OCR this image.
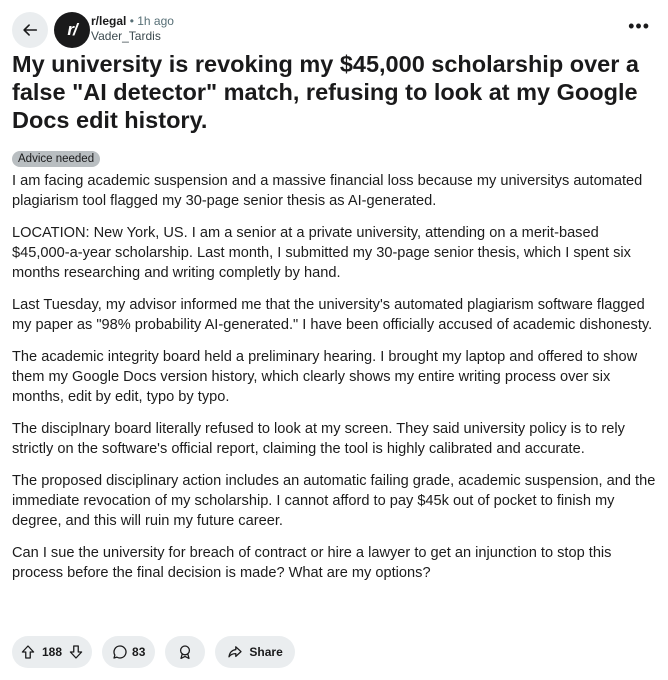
r/ r/legal • 1h ago
Vader_Tardis	•••
My university is revoking my $45,000 scholarship over a false "AI detector" match, refusing to look at my Google Docs edit history.
Advice needed

I am facing academic suspension and a massive financial loss because my universitys automated plagiarism tool flagged my 30-page senior thesis as AI-generated.

LOCATION: New York, US. I am a senior at a private university, attending on a merit-based $45,000-a-year scholarship. Last month, I submitted my 30-page senior thesis, which I spent six months researching and writing completly by hand.

Last Tuesday, my advisor informed me that the university's automated plagiarism software flagged my paper as "98% probability AI-generated." I have been officially accused of academic dishonesty.

The academic integrity board held a preliminary hearing. I brought my laptop and offered to show them my Google Docs version history, which clearly shows my entire writing process over six months, edit by edit, typo by typo.

The disciplnary board literally refused to look at my screen. They said university policy is to rely strictly on the software's official report, claiming the tool is highly calibrated and accurate.

The proposed disciplinary action includes an automatic failing grade, academic suspension, and the immediate revocation of my scholarship. I cannot afford to pay $45k out of pocket to finish my degree, and this will ruin my future career.

Can I sue the university for breach of contract or hire a lawyer to get an injunction to stop this process before the final decision is made? What are my options?

188	83	Share
